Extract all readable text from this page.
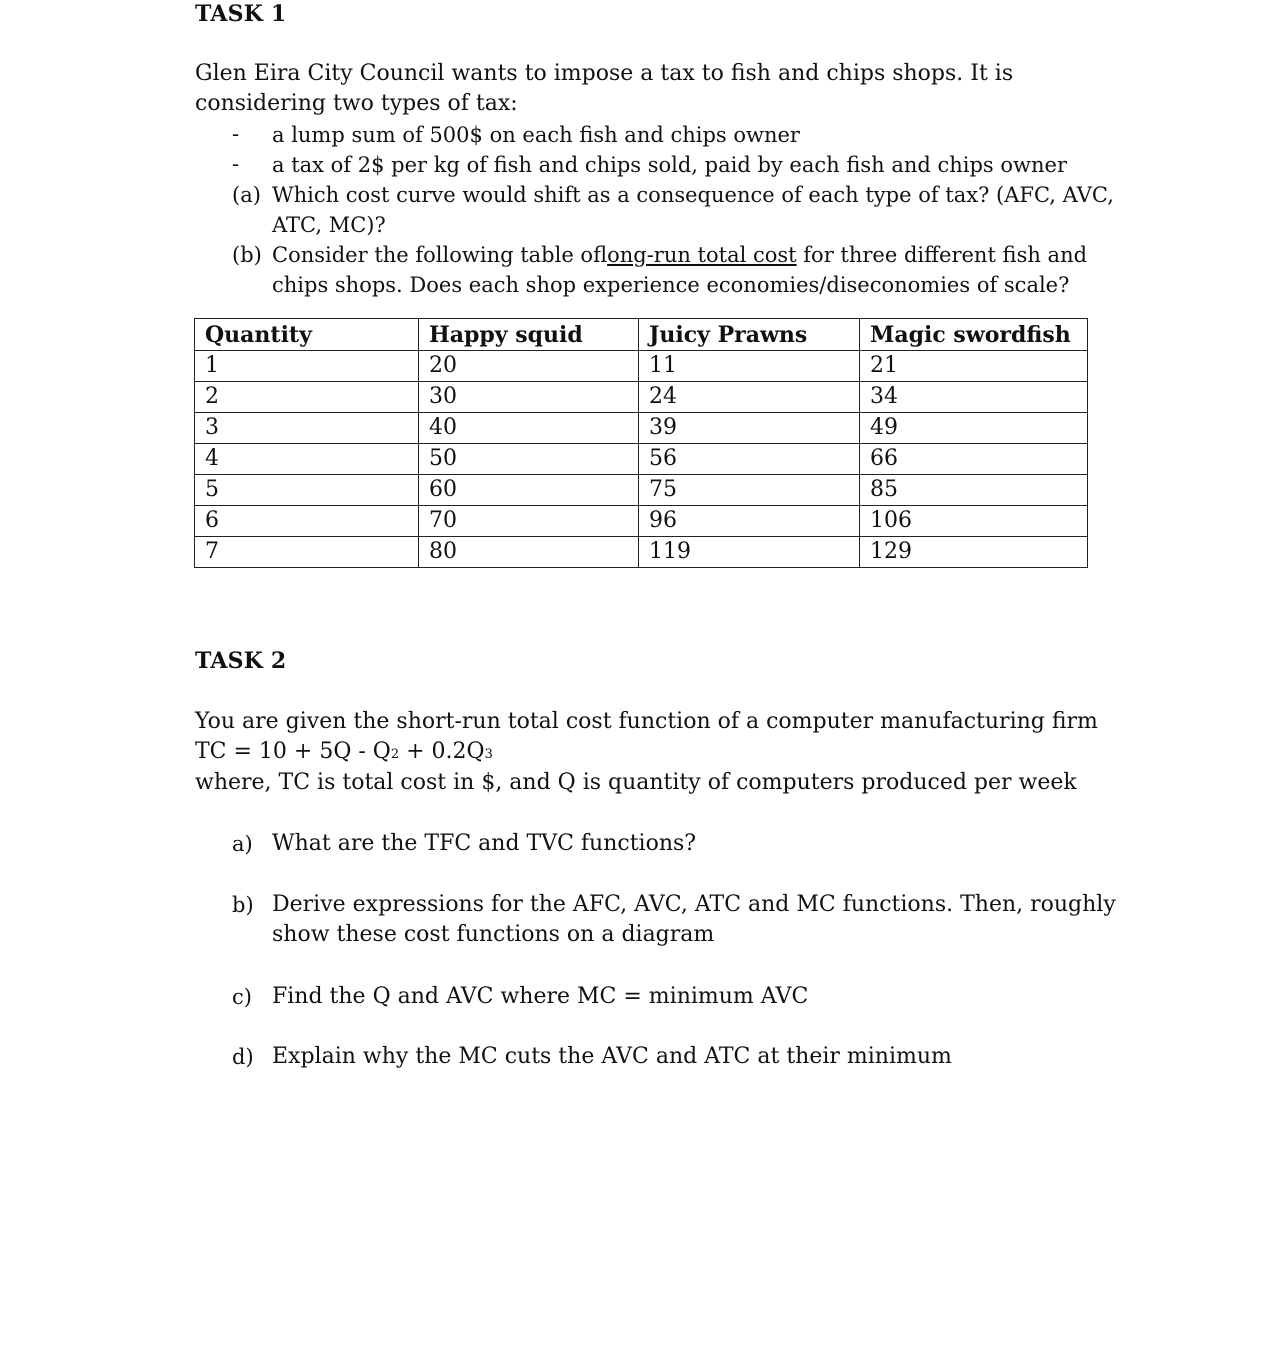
TASK 1
Glen Eira City Council wants to impose a tax to fish and chips shops. It is
considering two types of tax:
- a lump sum of 500$ on each fish and chips owner
- a tax of 2$ per kg of fish and chips sold, paid by each fish and chips owner
(a) Which cost curve would shift as a consequence of each type of tax? (AFC, AVC,
ATC, MC)?
(b) Consider the following table oflong-run total cost for three different fish and
chips shops. Does each shop experience economies/diseconomies of scale?
Quantity	Happy squid	Juicy Prawns	Magic swordfish
1	20	11	21
2	30	24	34
3	40	39	49
4	50	56	66
5	60	75	85
6	70	96	106
7	80	119	129
TASK 2
You are given the short-run total cost function of a computer manufacturing firm
TC = 10 + 5Q - Q2 + 0.2Q3
where, TC is total cost in $, and Q is quantity of computers produced per week
a) What are the TFC and TVC functions?
b) Derive expressions for the AFC, AVC, ATC and MC functions. Then, roughly
show these cost functions on a diagram
c) Find the Q and AVC where MC = minimum AVC
d) Explain why the MC cuts the AVC and ATC at their minimum
